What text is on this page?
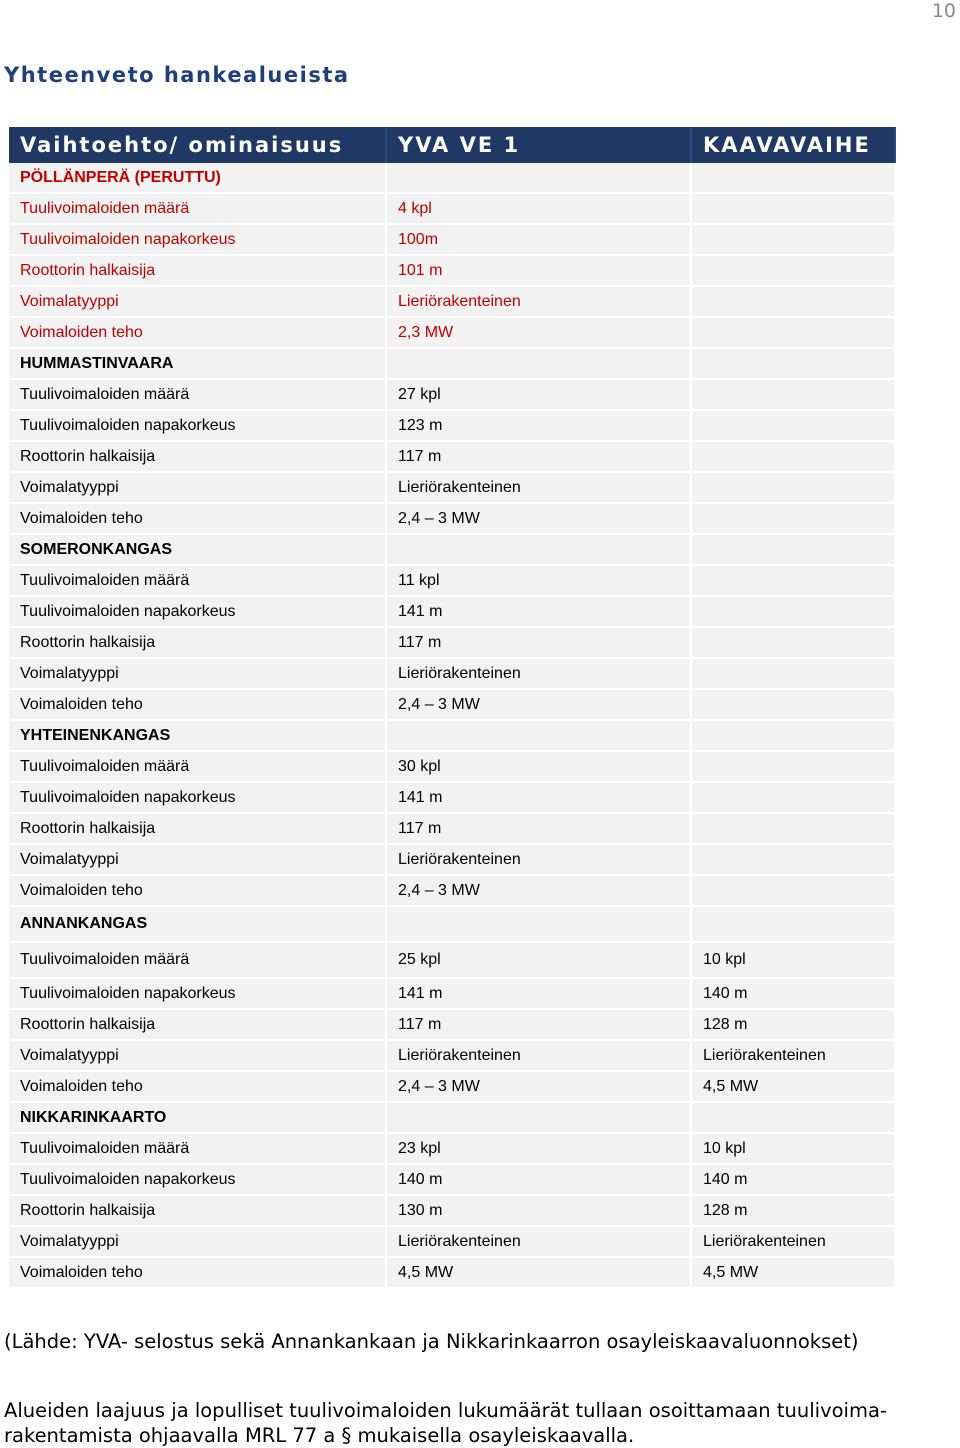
10
Yhteenveto hankealueista
Vaihtoehto/ ominaisuus	YVA VE 1	KAAVAVAIHE
PÖLLÄNPERÄ (PERUTTU)		
Tuulivoimaloiden määrä	4 kpl	
Tuulivoimaloiden napakorkeus	100m	
Roottorin halkaisija	101 m	
Voimalatyyppi	Lieriörakenteinen	
Voimaloiden teho	2,3 MW	
HUMMASTINVAARA		
Tuulivoimaloiden määrä	27 kpl	
Tuulivoimaloiden napakorkeus	123 m	
Roottorin halkaisija	117 m	
Voimalatyyppi	Lieriörakenteinen	
Voimaloiden teho	2,4 – 3 MW	
SOMERONKANGAS		
Tuulivoimaloiden määrä	11 kpl	
Tuulivoimaloiden napakorkeus	141 m	
Roottorin halkaisija	117 m	
Voimalatyyppi	Lieriörakenteinen	
Voimaloiden teho	2,4 – 3 MW	
YHTEINENKANGAS		
Tuulivoimaloiden määrä	30 kpl	
Tuulivoimaloiden napakorkeus	141 m	
Roottorin halkaisija	117 m	
Voimalatyyppi	Lieriörakenteinen	
Voimaloiden teho	2,4 – 3 MW	
ANNANKANGAS		
Tuulivoimaloiden määrä	25 kpl	10 kpl
Tuulivoimaloiden napakorkeus	141 m	140 m
Roottorin halkaisija	117 m	128 m
Voimalatyyppi	Lieriörakenteinen	Lieriörakenteinen
Voimaloiden teho	2,4 – 3 MW	4,5 MW
NIKKARINKAARTO		
Tuulivoimaloiden määrä	23 kpl	10 kpl
Tuulivoimaloiden napakorkeus	140 m	140 m
Roottorin halkaisija	130 m	128 m
Voimalatyyppi	Lieriörakenteinen	Lieriörakenteinen
Voimaloiden teho	4,5 MW	4,5 MW
(Lähde: YVA- selostus sekä Annankankaan ja Nikkarinkaarron osayleiskaavaluonnokset)
Alueiden laajuus ja lopulliset tuulivoimaloiden lukumäärät tullaan osoittamaan tuulivoima-
rakentamista ohjaavalla MRL 77 a § mukaisella osayleiskaavalla.
